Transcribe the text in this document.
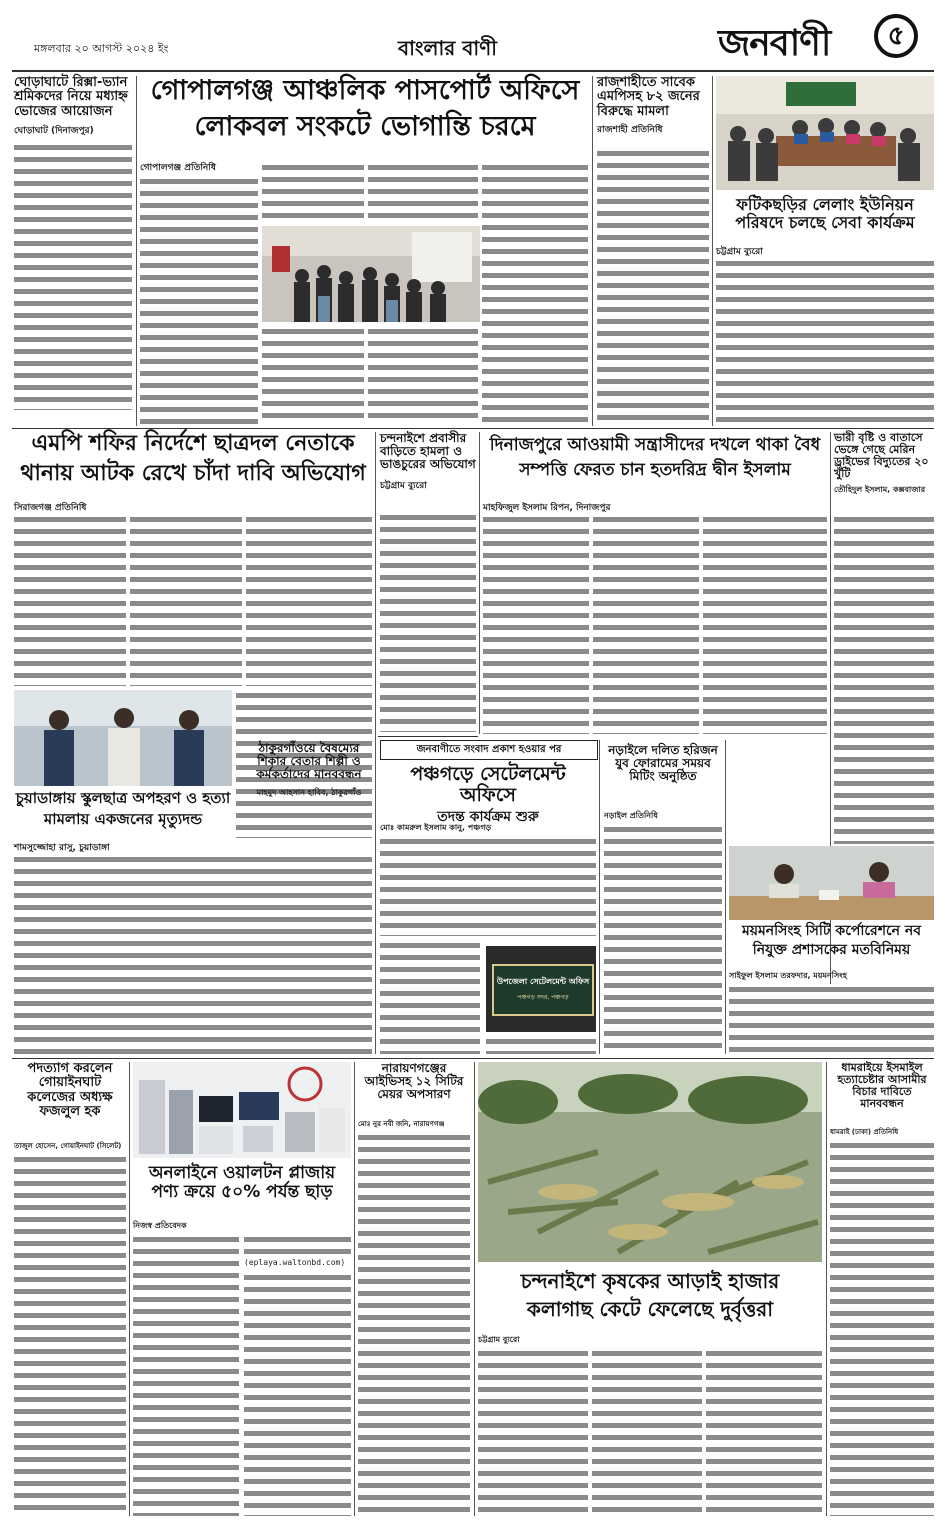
মঙ্গলবার ২০ আগস্ট ২০২৪ ইং	বাংলার বাণী	জনবাণী	৫
ঘোড়াঘাটে রিক্সা-ভ্যান শ্রমিকদের নিয়ে মধ্যাহ্ন ভোজের আয়োজন
ঘোড়াঘাট (দিনাজপুর)
গোপালগঞ্জ আঞ্চলিক পাসপোর্ট অফিসে
লোকবল সংকটে ভোগান্তি চরমে
গোপালগঞ্জ প্রতিনিধি
রাজশাহীতে সাবেক এমপিসহ ৮২ জনের বিরুদ্ধে মামলা
রাজশাহী প্রতিনিধি
ফটিকছড়ির লেলাং ইউনিয়ন পরিষদে চলছে সেবা কার্যক্রম
চট্টগ্রাম ব্যুরো
এমপি শফির নির্দেশে ছাত্রদল নেতাকে
থানায় আটক রেখে চাঁদা দাবি অভিযোগ
সিরাজগঞ্জ প্রতিনিধি
চুয়াডাঙ্গায় স্কুলছাত্র অপহরণ ও হত্যা
মামলায় একজনের মৃত্যুদন্ড
শামসুজ্জোহা রাসু, চুয়াডাঙ্গা
চন্দনাইশে প্রবাসীর বাড়িতে হামলা ও ভাঙচুরের অভিযোগ
চট্টগ্রাম ব্যুরো
দিনাজপুরে আওয়ামী সন্ত্রাসীদের দখলে থাকা বৈধ
সম্পত্তি ফেরত চান হতদরিদ্র দ্বীন ইসলাম
মাহফিজুল ইসলাম রিপন, দিনাজপুর
ভারী বৃষ্টি ও বাতাসে ভেঙ্গে গেছে মেরিন ড্রাইভের বিদ্যুতের ২০ খুঁটি
তৌহিদুল ইসলাম, কক্সবাজার
ঠাকুরগাঁওয়ে বৈষম্যের শিকার বেতার শিল্পী ও কর্মকর্তাদের মানববন্ধন
মাহমুদ আহসান হাবিব, ঠাকুরগাঁও
জনবাণীতে সংবাদ প্রকাশ হওয়ার পর
পঞ্চগড়ে সেটেলমেন্ট অফিসে
তদন্ত কার্যক্রম শুরু
মোঃ কামরুল ইসলাম কানু, পঞ্চগড়
উপজেলা সেটেলমেন্ট অফিস
পঞ্চগড় সদর, পঞ্চগড়
নড়াইলে দলিত হরিজন যুব ফোরামের সময়ব মিটিং অনুষ্ঠিত
নড়াইল প্রতিনিধি
ময়মনসিংহ সিটি কর্পোরেশনে নব
নিযুক্ত প্রশাসকের মতবিনিময়
সাইফুল ইসলাম তরফদার, ময়মনসিংহ
পদত্যাগ করলেন গোয়াইনঘাট কলেজের অধ্যক্ষ ফজলুল হক
তাজুল হোসেন, গোয়াইনঘাট (সিলেট)
অনলাইনে ওয়ালটন প্লাজায় পণ্য ক্রয়ে ৫০% পর্যন্ত ছাড়
নিজস্ব প্রতিবেদক
(eplaya.waltonbd.com)
নারায়ণগঞ্জের আইভিসহ ১২ সিটির মেয়র অপসারণ
মোঃ নুর নবী জনি, নারায়ণগঞ্জ
চন্দনাইশে কৃষকের আড়াই হাজার
কলাগাছ কেটে ফেলেছে দুর্বৃত্তরা
চট্টগ্রাম ব্যুরো
ধামরাইয়ে ইসমাইল হত্যাচেষ্টার আসামীর বিচার দাবিতে মানববন্ধন
ধামরাই (ঢাকা) প্রতিনিধি
